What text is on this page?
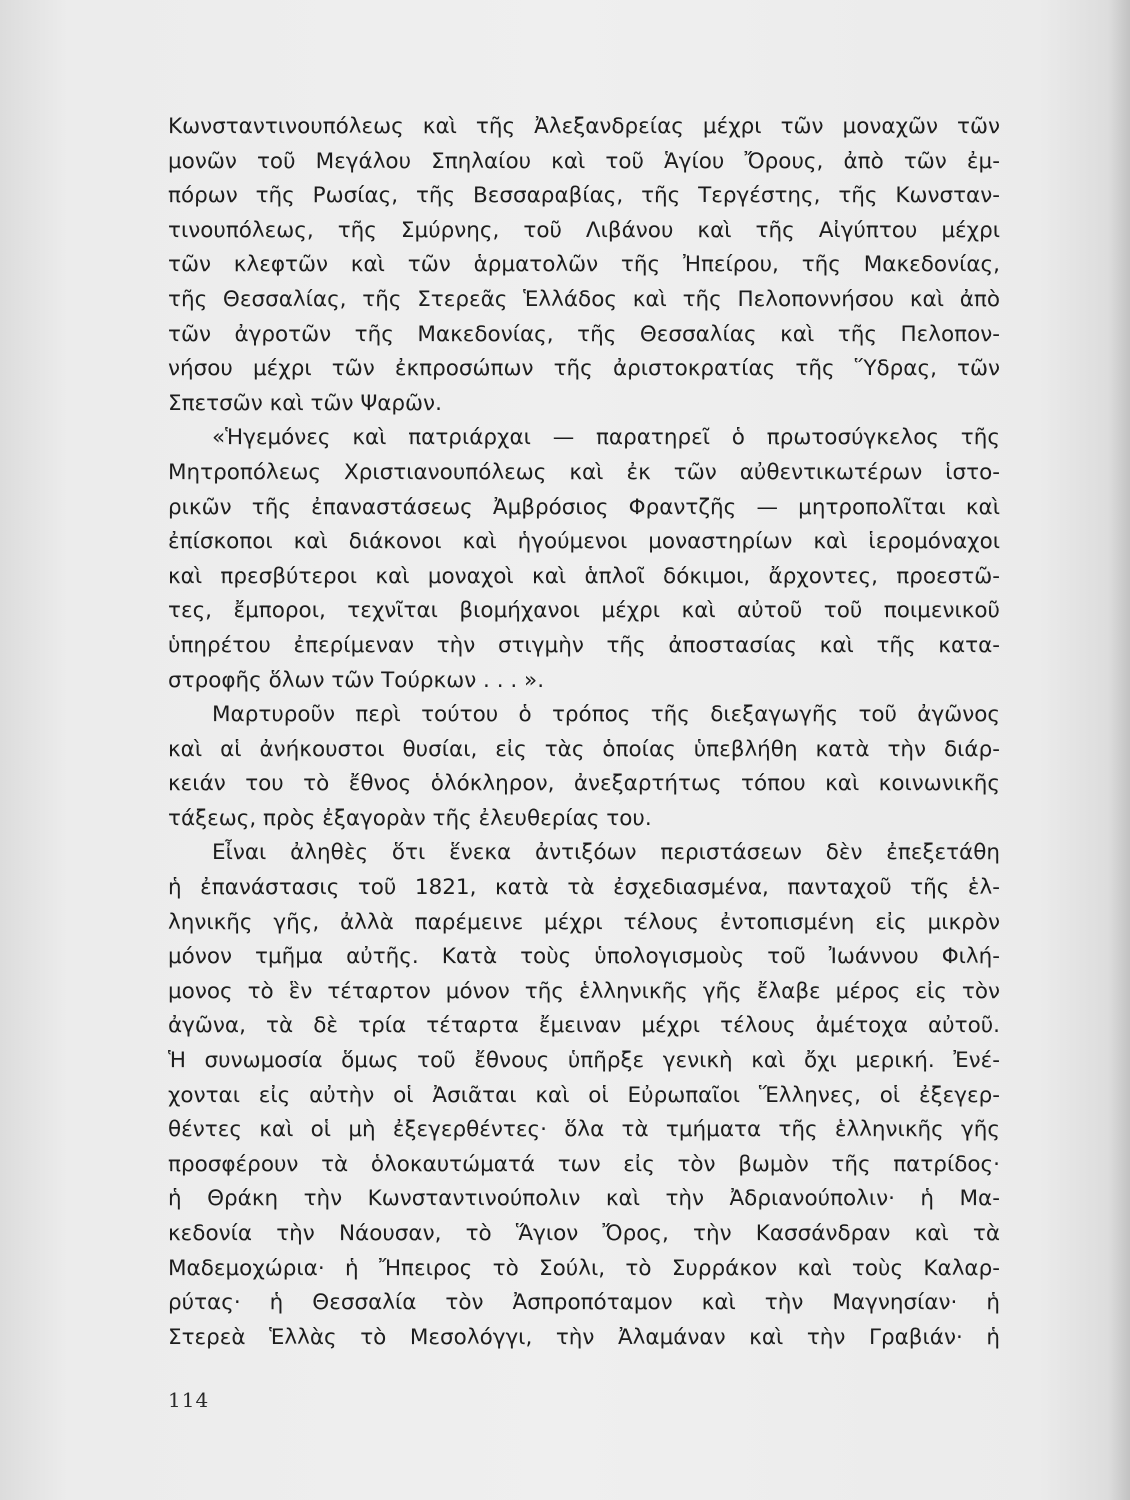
Κωνσταντινουπόλεως καὶ τῆς Ἀλεξανδρείας μέχρι τῶν μοναχῶν τῶν
μονῶν τοῦ Μεγάλου Σπηλαίου καὶ τοῦ Ἁγίου Ὄρους, ἀπὸ τῶν ἐμ-
πόρων τῆς Ρωσίας, τῆς Βεσσαραβίας, τῆς Τεργέστης, τῆς Κωνσταν-
τινουπόλεως, τῆς Σμύρνης, τοῦ Λιβάνου καὶ τῆς Αἰγύπτου μέχρι
τῶν κλεφτῶν καὶ τῶν ἁρματολῶν τῆς Ἠπείρου, τῆς Μακεδονίας,
τῆς Θεσσαλίας, τῆς Στερεᾶς Ἑλλάδος καὶ τῆς Πελοποννήσου καὶ ἀπὸ
τῶν ἀγροτῶν τῆς Μακεδονίας, τῆς Θεσσαλίας καὶ τῆς Πελοπον-
νήσου μέχρι τῶν ἐκπροσώπων τῆς ἀριστοκρατίας τῆς Ὕδρας, τῶν
Σπετσῶν καὶ τῶν Ψαρῶν.
«Ἡγεμόνες καὶ πατριάρχαι — παρατηρεῖ ὁ πρωτοσύγκελος τῆς
Μητροπόλεως Χριστιανουπόλεως καὶ ἐκ τῶν αὐθεντικωτέρων ἱστο-
ρικῶν τῆς ἐπαναστάσεως Ἀμβρόσιος Φραντζῆς — μητροπολῖται καὶ
ἐπίσκοποι καὶ διάκονοι καὶ ἡγούμενοι μοναστηρίων καὶ ἱερομόναχοι
καὶ πρεσβύτεροι καὶ μοναχοὶ καὶ ἁπλοῖ δόκιμοι, ἄρχοντες, προεστῶ-
τες, ἔμποροι, τεχνῖται βιομήχανοι μέχρι καὶ αὐτοῦ τοῦ ποιμενικοῦ
ὑπηρέτου ἐπερίμεναν τὴν στιγμὴν τῆς ἀποστασίας καὶ τῆς κατα-
στροφῆς ὅλων τῶν Τούρκων . . . ».
Μαρτυροῦν περὶ τούτου ὁ τρόπος τῆς διεξαγωγῆς τοῦ ἀγῶνος
καὶ αἱ ἀνήκουστοι θυσίαι, εἰς τὰς ὁποίας ὑπεβλήθη κατὰ τὴν διάρ-
κειάν του τὸ ἔθνος ὁλόκληρον, ἀνεξαρτήτως τόπου καὶ κοινωνικῆς
τάξεως, πρὸς ἐξαγορὰν τῆς ἐλευθερίας του.
Εἶναι ἀληθὲς ὅτι ἕνεκα ἀντιξόων περιστάσεων δὲν ἐπεξετάθη
ἡ ἐπανάστασις τοῦ 1821, κατὰ τὰ ἐσχεδιασμένα, πανταχοῦ τῆς ἑλ-
ληνικῆς γῆς, ἀλλὰ παρέμεινε μέχρι τέλους ἐντοπισμένη εἰς μικρὸν
μόνον τμῆμα αὐτῆς. Κατὰ τοὺς ὑπολογισμοὺς τοῦ Ἰωάννου Φιλή-
μονος τὸ ἓν τέταρτον μόνον τῆς ἑλληνικῆς γῆς ἔλαβε μέρος εἰς τὸν
ἀγῶνα, τὰ δὲ τρία τέταρτα ἔμειναν μέχρι τέλους ἀμέτοχα αὐτοῦ.
Ἡ συνωμοσία ὅμως τοῦ ἔθνους ὑπῆρξε γενικὴ καὶ ὄχι μερική. Ἐνέ-
χονται εἰς αὐτὴν οἱ Ἀσιᾶται καὶ οἱ Εὐρωπαῖοι Ἕλληνες, οἱ ἐξεγερ-
θέντες καὶ οἱ μὴ ἐξεγερθέντες· ὅλα τὰ τμήματα τῆς ἑλληνικῆς γῆς
προσφέρουν τὰ ὁλοκαυτώματά των εἰς τὸν βωμὸν τῆς πατρίδος·
ἡ Θράκη τὴν Κωνσταντινούπολιν καὶ τὴν Ἀδριανούπολιν· ἡ Μα-
κεδονία τὴν Νάουσαν, τὸ Ἅγιον Ὄρος, τὴν Κασσάνδραν καὶ τὰ
Μαδεμοχώρια· ἡ Ἤπειρος τὸ Σούλι, τὸ Συρράκον καὶ τοὺς Καλαρ-
ρύτας· ἡ Θεσσαλία τὸν Ἀσπροπόταμον καὶ τὴν Μαγνησίαν· ἡ
Στερεὰ Ἑλλὰς τὸ Μεσολόγγι, τὴν Ἀλαμάναν καὶ τὴν Γραβιάν· ἡ
114
